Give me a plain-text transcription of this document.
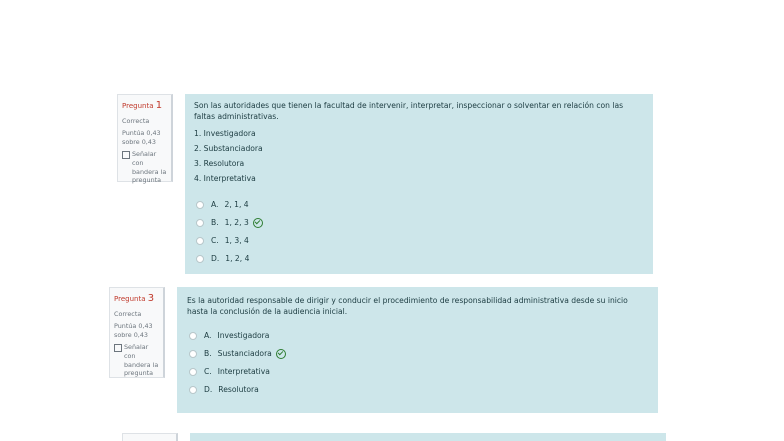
Pregunta 1
Correcta
Puntúa 0,43 sobre 0,43
Señalar con bandera la pregunta
Son las autoridades que tienen la facultad de intervenir, interpretar, inspeccionar o solventar en relación con las faltas administrativas.
1. Investigadora
2. Substanciadora
3. Resolutora
4. Interpretativa
A. 2, 1, 4
B. 1, 2, 3
C. 1, 3, 4
D. 1, 2, 4
Pregunta 3
Correcta
Puntúa 0,43 sobre 0,43
Señalar con bandera la pregunta
Es la autoridad responsable de dirigir y conducir el procedimiento de responsabilidad administrativa desde su inicio hasta la conclusión de la audiencia inicial.
A. Investigadora
B. Sustanciadora
C. Interpretativa
D. Resolutora
